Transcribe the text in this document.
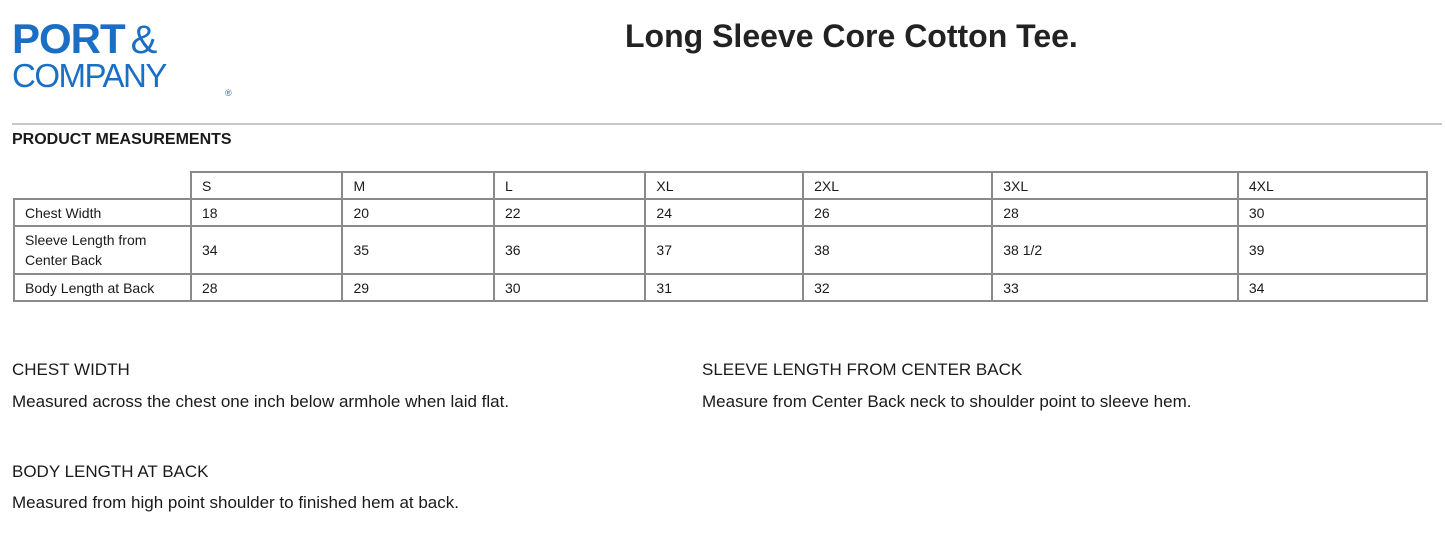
PORT &
COMPANY	®
Long Sleeve Core Cotton Tee.
PRODUCT MEASUREMENTS
	S	M	L	XL	2XL	3XL	4XL
Chest Width	18	20	22	24	26	28	30
Sleeve Length from Center Back	34	35	36	37	38	38 1/2	39
Body Length at Back	28	29	30	31	32	33	34
CHEST WIDTH
Measured across the chest one inch below armhole when laid flat.
SLEEVE LENGTH FROM CENTER BACK
Measure from Center Back neck to shoulder point to sleeve hem.
BODY LENGTH AT BACK
Measured from high point shoulder to finished hem at back.
